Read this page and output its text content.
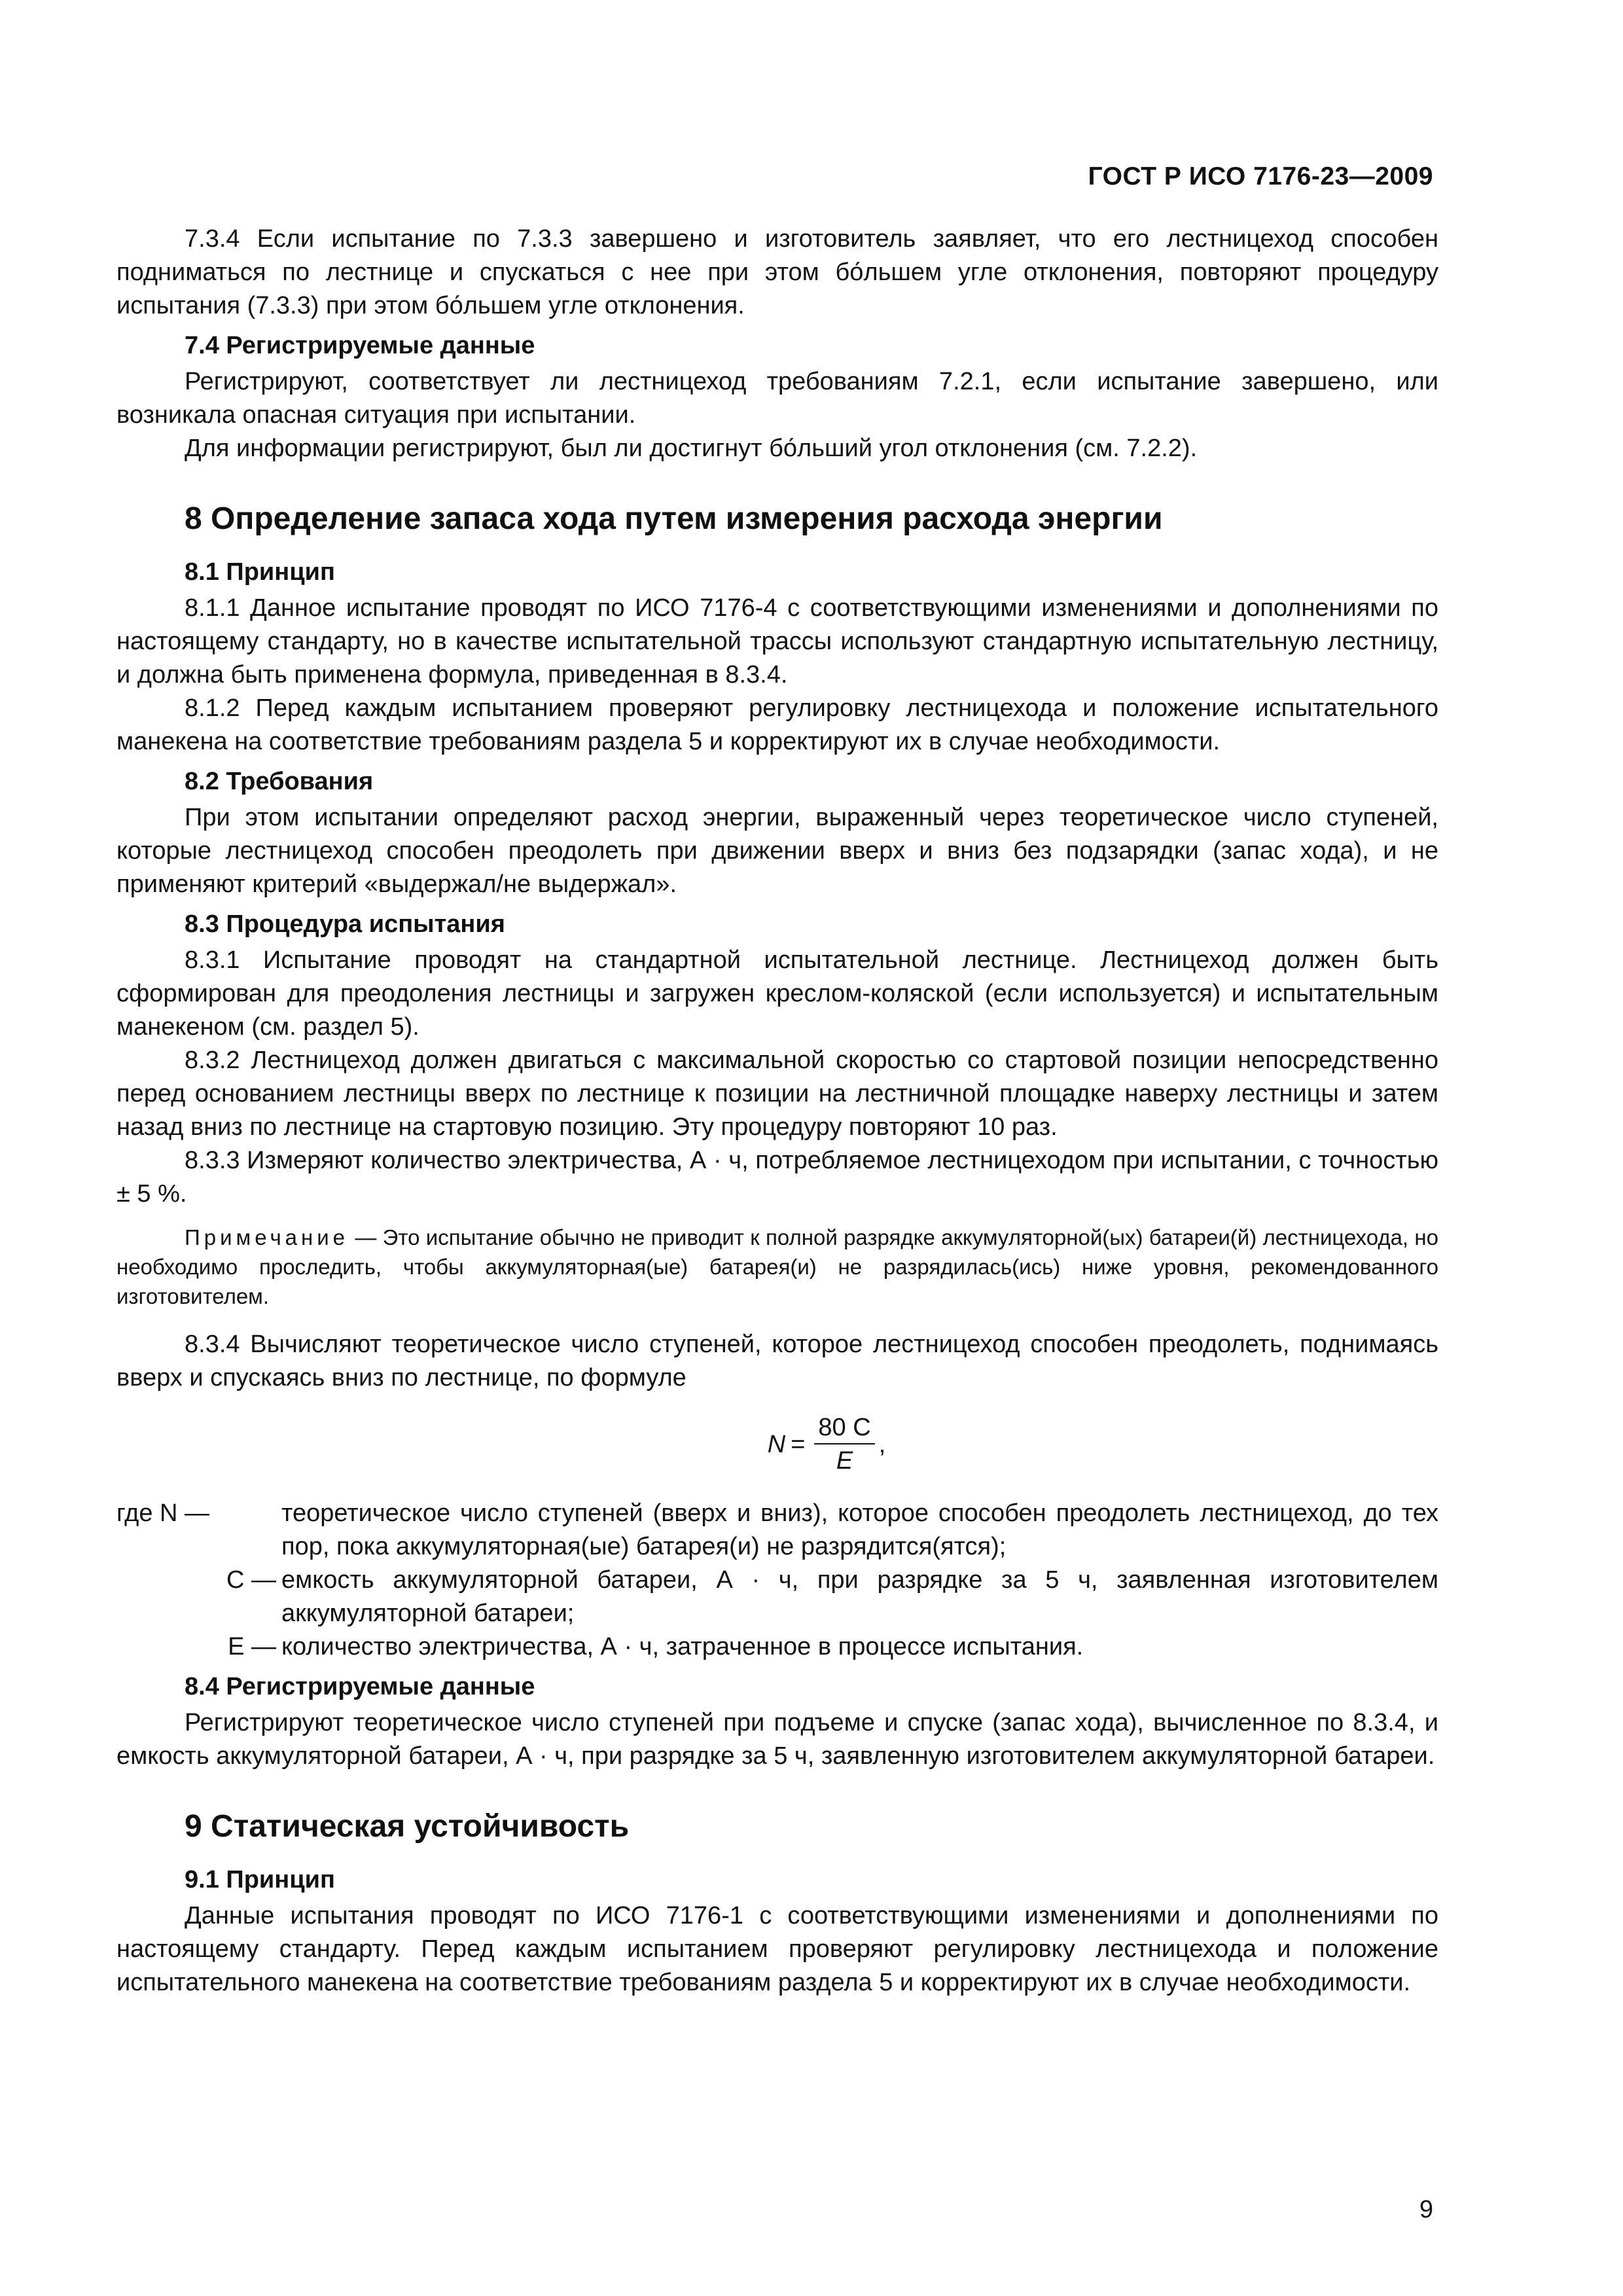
ГОСТ Р ИСО 7176-23—2009

7.3.4 Если испытание по 7.3.3 завершено и изготовитель заявляет, что его лестницеход способен подниматься по лестнице и спускаться с нее при этом бо́льшем угле отклонения, повторяют процедуру испытания (7.3.3) при этом бо́льшем угле отклонения.

7.4 Регистрируемые данные

Регистрируют, соответствует ли лестницеход требованиям 7.2.1, если испытание завершено, или возникала опасная ситуация при испытании.

Для информации регистрируют, был ли достигнут бо́льший угол отклонения (см. 7.2.2).

8 Определение запаса хода путем измерения расхода энергии
8.1 Принцип

8.1.1 Данное испытание проводят по ИСО 7176-4 с соответствующими изменениями и дополнениями по настоящему стандарту, но в качестве испытательной трассы используют стандартную испытательную лестницу, и должна быть применена формула, приведенная в 8.3.4.

8.1.2 Перед каждым испытанием проверяют регулировку лестницехода и положение испытательного манекена на соответствие требованиям раздела 5 и корректируют их в случае необходимости.

8.2 Требования

При этом испытании определяют расход энергии, выраженный через теоретическое число ступеней, которые лестницеход способен преодолеть при движении вверх и вниз без подзарядки (запас хода), и не применяют критерий «выдержал/не выдержал».

8.3 Процедура испытания

8.3.1 Испытание проводят на стандартной испытательной лестнице. Лестницеход должен быть сформирован для преодоления лестницы и загружен креслом-коляской (если используется) и испытательным манекеном (см. раздел 5).

8.3.2 Лестницеход должен двигаться с максимальной скоростью со стартовой позиции непосредственно перед основанием лестницы вверх по лестнице к позиции на лестничной площадке наверху лестницы и затем назад вниз по лестнице на стартовую позицию. Эту процедуру повторяют 10 раз.

8.3.3 Измеряют количество электричества, А · ч, потребляемое лестницеходом при испытании, с точностью ± 5 %.

Примечание — Это испытание обычно не приводит к полной разрядке аккумуляторной(ых) батареи(й) лестницехода, но необходимо проследить, чтобы аккумуляторная(ые) батарея(и) не разрядилась(ись) ниже уровня, рекомендованного изготовителем.

8.3.4 Вычисляют теоретическое число ступеней, которое лестницеход способен преодолеть, поднимаясь вверх и спускаясь вниз по лестнице, по формуле

$N = \frac{80 C}{E}$ ,
где N —	теоретическое число ступеней (вверх и вниз), которое способен преодолеть лестницеход, до тех пор, пока аккумуляторная(ые) батарея(и) не разрядится(ятся);
C — емкость аккумуляторной батареи, А · ч, при разрядке за 5 ч, заявленная изготовителем аккумуляторной батареи;
E — количество электричества, А · ч, затраченное в процессе испытания.
8.4 Регистрируемые данные

Регистрируют теоретическое число ступеней при подъеме и спуске (запас хода), вычисленное по 8.3.4, и емкость аккумуляторной батареи, А · ч, при разрядке за 5 ч, заявленную изготовителем аккумуляторной батареи.

9 Статическая устойчивость
9.1 Принцип

Данные испытания проводят по ИСО 7176-1 с соответствующими изменениями и дополнениями по настоящему стандарту. Перед каждым испытанием проверяют регулировку лестницехода и положение испытательного манекена на соответствие требованиям раздела 5 и корректируют их в случае необходимости.

9
